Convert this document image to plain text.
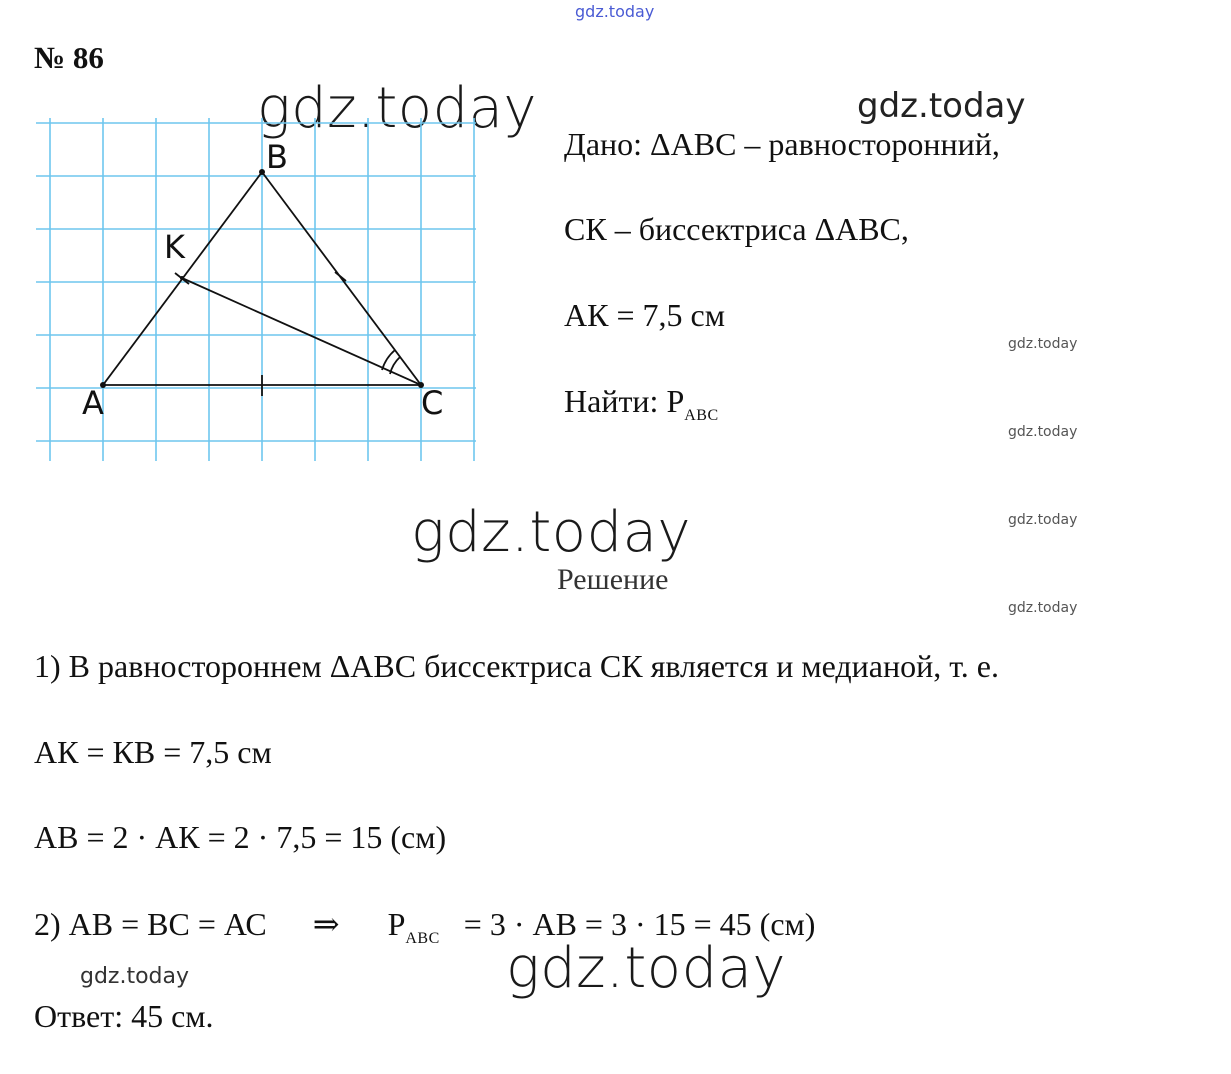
gdz.today
gdz.today	gdz.today
gdz.today
gdz.today
gdz.today
gdz.today
gdz.today
gdz.today
gdz.today
№ 86
A
B
C
K
Дано: ΔАВС – равносторонний,
СК – биссектриса ΔАВС,
АК = 7,5 см
Найти: $P_{ABC}$
Решение
1) В равностороннем ΔАВС биссектриса СК является и медианой, т. е.
АК = КВ = 7,5 см
АВ = 2 · АК = 2 · 7,5 = 15 (см)
2) АВ = ВС = АС ⇒ $P_{АВС} = 3$ · АВ = 3 · 15 = 45 (см)
Ответ: 45 см.
